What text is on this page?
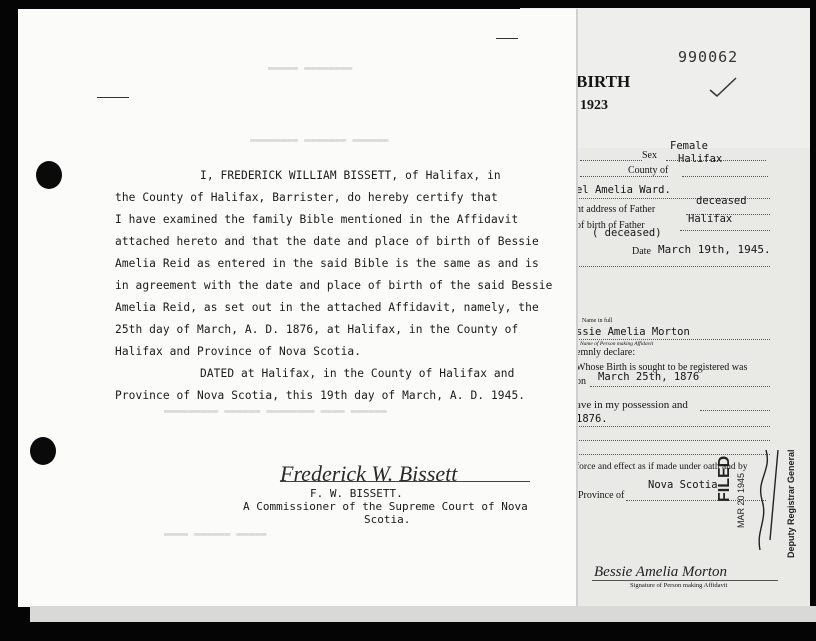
990062
BIRTH
1923
Sex
Female
Halifax
County of
el Amelia Ward.
nt address of Father
deceased
of birth of Father
Halifax
( deceased)
Date March 19th, 1945.
Name in full
ssie Amelia Morton
Name of Person making Affidavit
emnly declare:
Whose Birth is sought to be registered was
on March 25th, 1876
ave in my possession and
1876.
force and effect as if made under oath and by
Province of
Nova Scotia
Bessie Amelia Morton
Signature of Person making Affidavit
FILED MAR 20 1945	Deputy Registrar General
▬▬▬▬▬ ▬▬▬▬▬▬▬▬
▬▬▬▬▬▬▬▬ ▬▬▬▬▬▬▬ ▬▬▬▬▬▬
▬▬▬▬▬▬▬▬▬ ▬▬▬▬▬▬ ▬▬▬▬▬▬▬▬ ▬▬▬▬ ▬▬▬▬▬▬
▬▬▬▬ ▬▬▬▬▬▬ ▬▬▬▬▬
I, FREDERICK WILLIAM BISSETT, of Halifax, in
the County of Halifax, Barrister, do hereby certify that
I have examined the family Bible mentioned in the Affidavit
attached hereto and that the date and place of birth of Bessie
Amelia Reid as entered in the said Bible is the same as and is
in agreement with the date and place of birth of the said Bessie
Amelia Reid, as set out in the attached Affidavit, namely, the
25th day of March, A. D. 1876, at Halifax, in the County of
Halifax and Province of Nova Scotia.
DATED at Halifax, in the County of Halifax and
Province of Nova Scotia, this 19th day of March, A. D. 1945.
Frederick W. Bissett
F. W. BISSETT.
A Commissioner of the Supreme Court of Nova
Scotia.
